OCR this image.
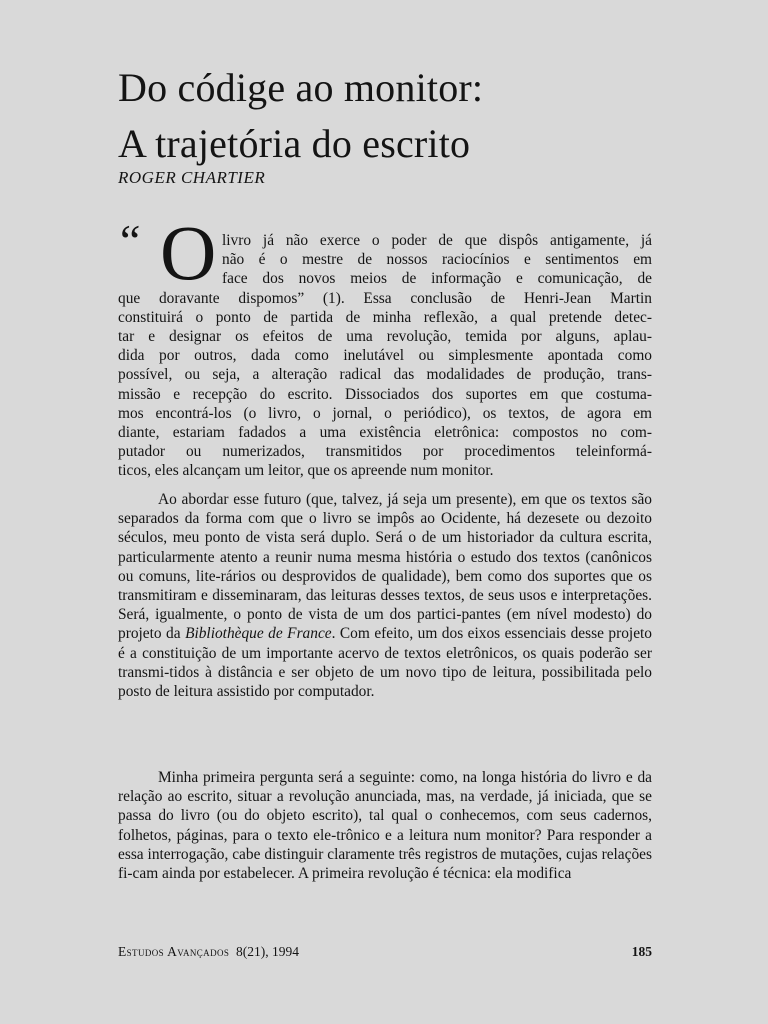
Do códige ao monitor:
A trajetória do escrito
ROGER CHARTIER
“ O livro já não exerce o poder de que dispôs antigamente, já
não é o mestre de nossos raciocínios e sentimentos em
face dos novos meios de informação e comunicação, de
que doravante dispomos” (1). Essa conclusão de Henri-Jean Martin
constituirá o ponto de partida de minha reflexão, a qual pretende detec-
tar e designar os efeitos de uma revolução, temida por alguns, aplau-
dida por outros, dada como inelutável ou simplesmente apontada como
possível, ou seja, a alteração radical das modalidades de produção, trans-
missão e recepção do escrito. Dissociados dos suportes em que costuma-
mos encontrá-los (o livro, o jornal, o periódico), os textos, de agora em
diante, estariam fadados a uma existência eletrônica: compostos no com-
putador ou numerizados, transmitidos por procedimentos teleinformá-
ticos, eles alcançam um leitor, que os apreende num monitor.

Ao abordar esse futuro (que, talvez, já seja um presente), em que os textos são separados da forma com que o livro se impôs ao Ocidente, há dezesete ou dezoito séculos, meu ponto de vista será duplo. Será o de um historiador da cultura escrita, particularmente atento a reunir numa mesma história o estudo dos textos (canônicos ou comuns, lite-rários ou desprovidos de qualidade), bem como dos suportes que os transmitiram e disseminaram, das leituras desses textos, de seus usos e interpretações. Será, igualmente, o ponto de vista de um dos partici-pantes (em nível modesto) do projeto da Bibliothèque de France. Com efeito, um dos eixos essenciais desse projeto é a constituição de um importante acervo de textos eletrônicos, os quais poderão ser transmi-tidos à distância e ser objeto de um novo tipo de leitura, possibilitada pelo posto de leitura assistido por computador.

Minha primeira pergunta será a seguinte: como, na longa história do livro e da relação ao escrito, situar a revolução anunciada, mas, na verdade, já iniciada, que se passa do livro (ou do objeto escrito), tal qual o conhecemos, com seus cadernos, folhetos, páginas, para o texto ele-trônico e a leitura num monitor? Para responder a essa interrogação, cabe distinguir claramente três registros de mutações, cujas relações fi-cam ainda por estabelecer. A primeira revolução é técnica: ela modifica

Estudos Avançados 8(21), 1994	185
